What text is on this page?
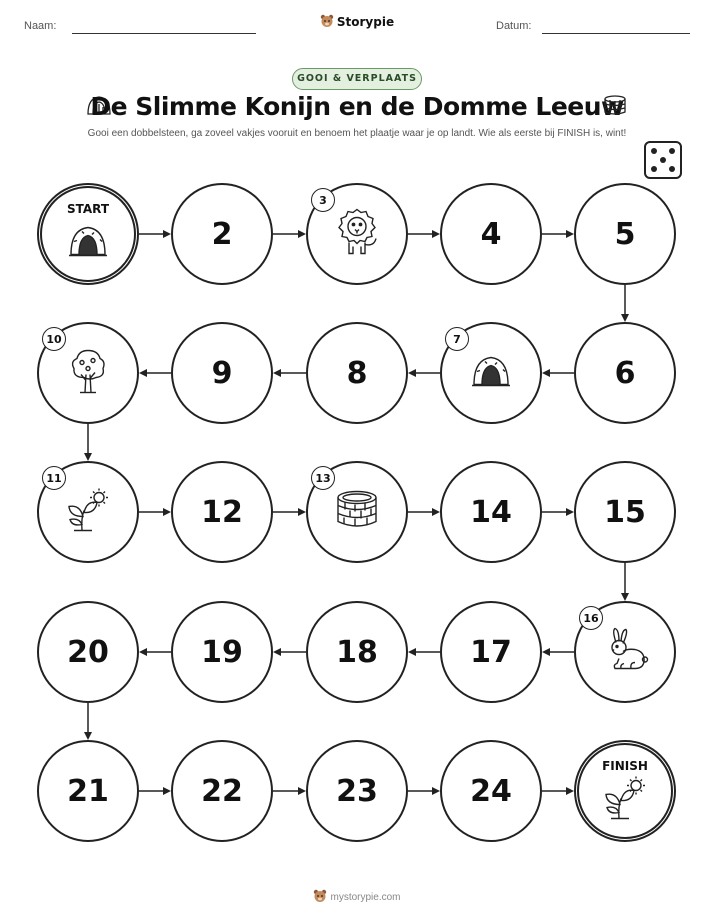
Naam:	Storypie	Datum:
GOOI & VERPLAATS
De Slimme Konijn en de Domme Leeuw
Gooi een dobbelsteen, ga zoveel vakjes vooruit en benoem het plaatje waar je op landt. Wie als eerste bij FINISH is, wint!
START
2
3
4	5
6
7
8
9
10
11
12
13
14	15
16
17
18
19
20
21	22	23	24
FINISH
mystorypie.com
